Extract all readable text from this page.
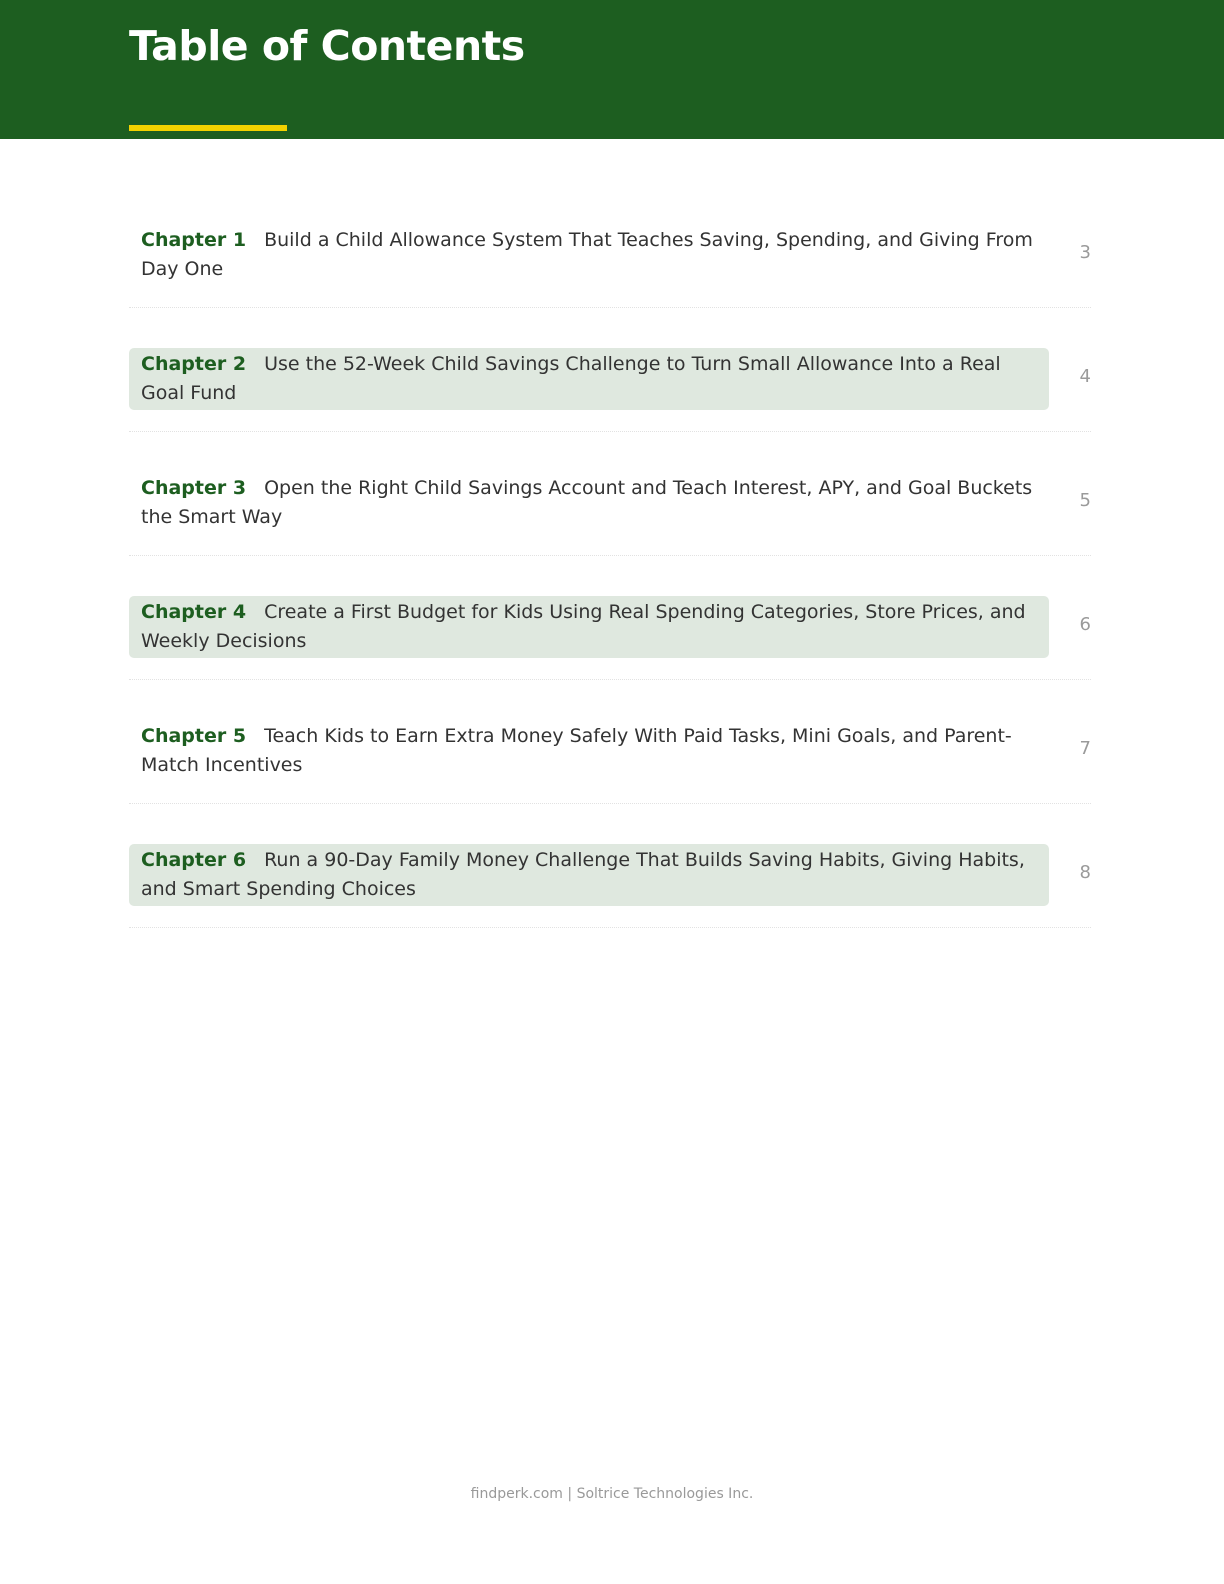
Table of Contents
Chapter 1 Build a Child Allowance System That Teaches Saving, Spending, and Giving From Day One
3
Chapter 2 Use the 52-Week Child Savings Challenge to Turn Small Allowance Into a Real Goal Fund
4
Chapter 3 Open the Right Child Savings Account and Teach Interest, APY, and Goal Buckets the Smart Way
5
Chapter 4 Create a First Budget for Kids Using Real Spending Categories, Store Prices, and Weekly Decisions
6
Chapter 5 Teach Kids to Earn Extra Money Safely With Paid Tasks, Mini Goals, and Parent-Match Incentives
7
Chapter 6 Run a 90-Day Family Money Challenge That Builds Saving Habits, Giving Habits, and Smart Spending Choices
8
findperk.com | Soltrice Technologies Inc.
